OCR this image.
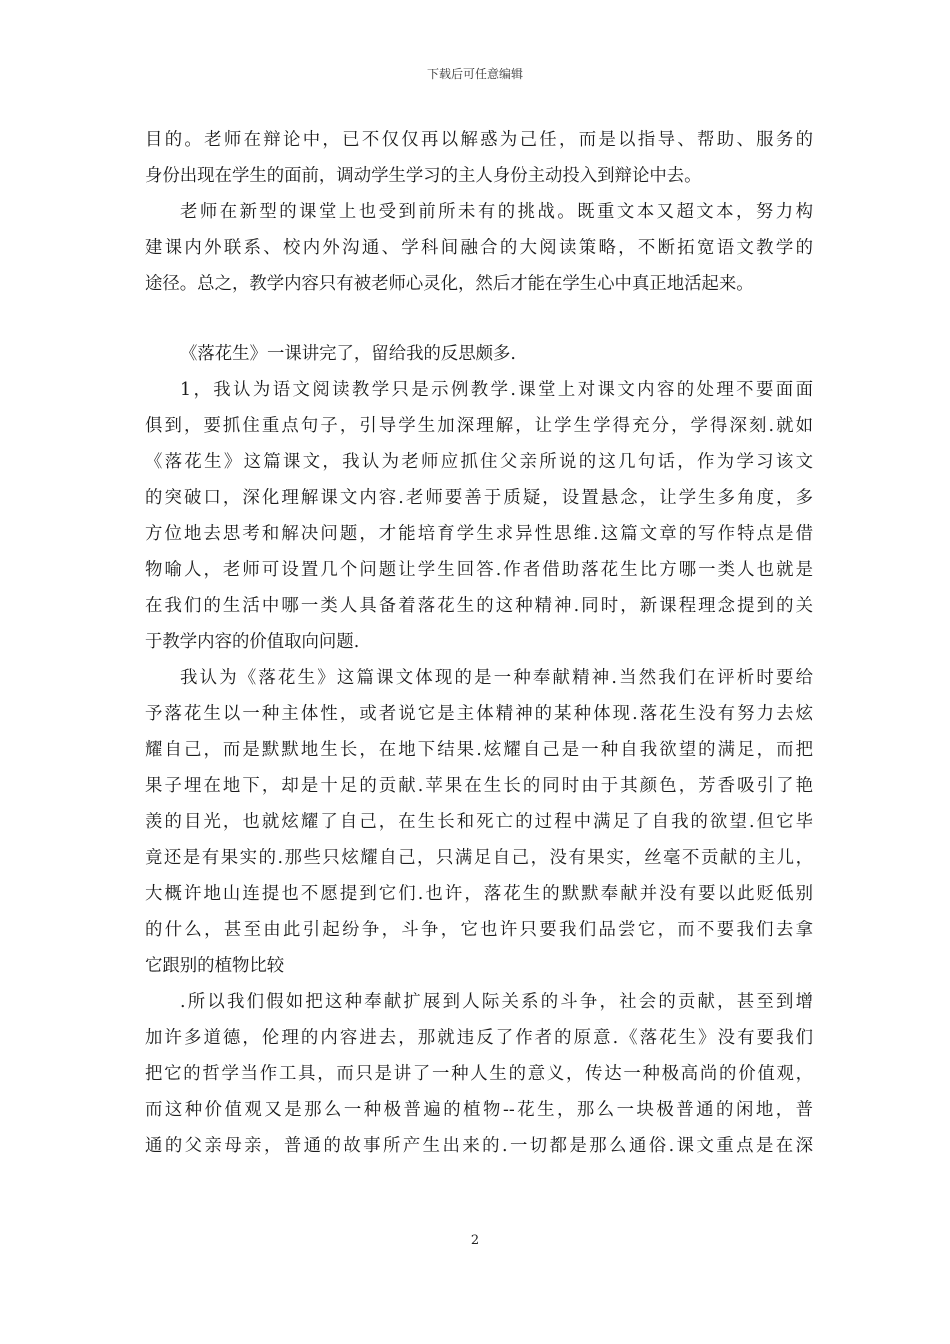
下载后可任意编辑
目的。老师在辩论中，已不仅仅再以解惑为己任，而是以指导、帮助、服务的
身份出现在学生的面前，调动学生学习的主人身份主动投入到辩论中去。
老师在新型的课堂上也受到前所未有的挑战。既重文本又超文本，努力构
建课内外联系、校内外沟通、学科间融合的大阅读策略，不断拓宽语文教学的
途径。总之，教学内容只有被老师心灵化，然后才能在学生心中真正地活起来。
《落花生》一课讲完了，留给我的反思颇多.
1，我认为语文阅读教学只是示例教学.课堂上对课文内容的处理不要面面
俱到，要抓住重点句子，引导学生加深理解，让学生学得充分，学得深刻.就如
《落花生》这篇课文，我认为老师应抓住父亲所说的这几句话，作为学习该文
的突破口，深化理解课文内容.老师要善于质疑，设置悬念，让学生多角度，多
方位地去思考和解决问题，才能培育学生求异性思维.这篇文章的写作特点是借
物喻人，老师可设置几个问题让学生回答.作者借助落花生比方哪一类人也就是
在我们的生活中哪一类人具备着落花生的这种精神.同时，新课程理念提到的关
于教学内容的价值取向问题.
我认为《落花生》这篇课文体现的是一种奉献精神.当然我们在评析时要给
予落花生以一种主体性，或者说它是主体精神的某种体现.落花生没有努力去炫
耀自己，而是默默地生长，在地下结果.炫耀自己是一种自我欲望的满足，而把
果子埋在地下，却是十足的贡献.苹果在生长的同时由于其颜色，芳香吸引了艳
羡的目光，也就炫耀了自己，在生长和死亡的过程中满足了自我的欲望.但它毕
竟还是有果实的.那些只炫耀自己，只满足自己，没有果实，丝毫不贡献的主儿，
大概许地山连提也不愿提到它们.也许，落花生的默默奉献并没有要以此贬低别
的什么，甚至由此引起纷争，斗争，它也许只要我们品尝它，而不要我们去拿
它跟别的植物比较
.所以我们假如把这种奉献扩展到人际关系的斗争，社会的贡献，甚至到增
加许多道德，伦理的内容进去，那就违反了作者的原意.《落花生》没有要我们
把它的哲学当作工具，而只是讲了一种人生的意义，传达一种极高尚的价值观，
而这种价值观又是那么一种极普遍的植物--花生，那么一块极普通的闲地，普
通的父亲母亲，普通的故事所产生出来的.一切都是那么通俗.课文重点是在深
2
